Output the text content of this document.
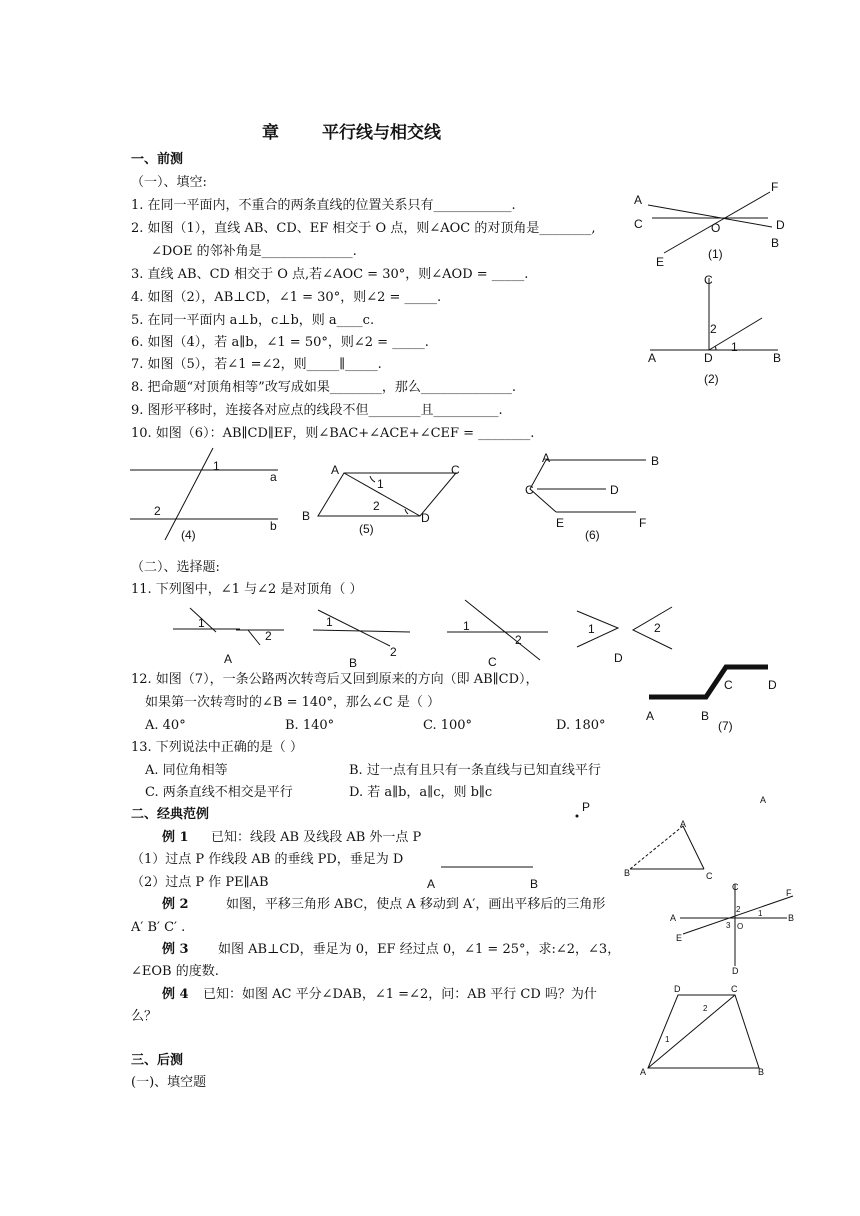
章	平行线与相交线
一、前测
（一）、填空:
1. 在同一平面内，不重合的两条直线的位置关系只有____________.
2. 如图（1），直线 AB、CD、EF 相交于 O 点，则∠AOC 的对顶角是________,
∠DOE 的邻补角是______________.
3. 直线 AB、CD 相交于 O 点,若∠AOC = 30°，则∠AOD = _____.
4. 如图（2），AB⊥CD，∠1 = 30°，则∠2 = _____.
5. 在同一平面内 a⊥b，c⊥b，则 a____c.
6. 如图（4），若 a∥b，∠1 = 50°，则∠2 = _____.
7. 如图（5），若∠1 =∠2，则_____∥_____.
8. 把命题“对顶角相等”改写成如果________，那么______________.
9. 图形平移时，连接各对应点的线段不但________且__________.
10. 如图（6）：AB∥CD∥EF，则∠BAC+∠ACE+∠CEF = ________.
（二）、选择题:
11. 下列图中，∠1 与∠2 是对顶角（ ）
12. 如图（7），一条公路两次转弯后又回到原来的方向（即 AB∥CD），
如果第一次转弯时的∠B = 140°，那么∠C 是（ ）
A. 40°	B. 140°	C. 100°	D. 180°
13. 下列说法中正确的是（ ）
A. 同位角相等	B. 过一点有且只有一条直线与已知直线平行
C. 两条直线不相交是平行	D. 若 a∥b，a∥c，则 b∥c
二、经典范例
例 1 已知：线段 AB 及线段 AB 外一点 P
（1）过点 P 作线段 AB 的垂线 PD，垂足为 D
（2）过点 P 作 PE∥AB
例 2	如图，平移三角形 ABC，使点 A 移动到 A′，画出平移后的三角形
A′ B′ C′ .
例 3 如图 AB⊥CD，垂足为 0，EF 经过点 0，∠1 = 25°，求:∠2，∠3，
∠EOB 的度数.
例 4 已知：如图 AC 平分∠DAB，∠1 =∠2，问：AB 平行 CD 吗？为什
么？
三、后测
(一)、填空题
A
C
E
O
F
D
B
(1)
C
A	D	B
2
1
(2)
1
a
2
b
(4)
A	C
B	D
1
2
(5)
A	B
C	D
E	F
(6)
1
2
A
1
2
B
1
2
C
1	2
D
C	D
A	B
(7)
P
A	B
A
A
B	C
C
F
A	B
2 1
3 O
E
D
D	C
2
1
A	B
